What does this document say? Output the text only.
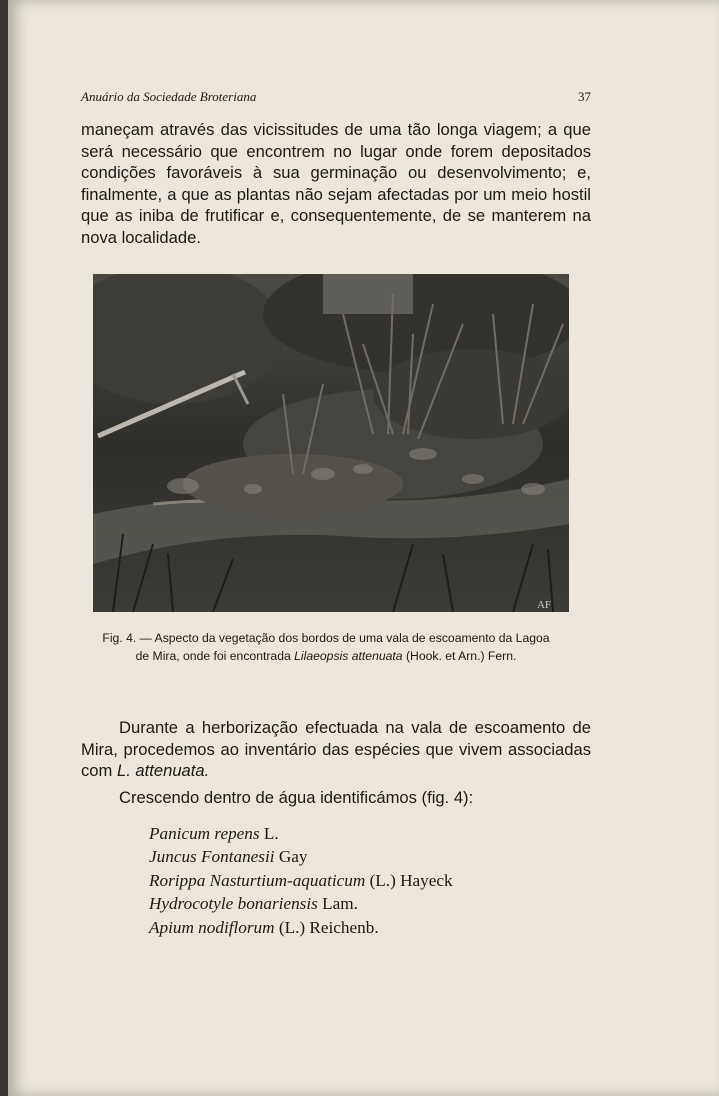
Anuário da Sociedade Broteriana	37

maneçam através das vicissitudes de uma tão longa viagem; a que será necessário que encontrem no lugar onde forem depositados condições favoráveis à sua germinação ou desenvolvimento; e, finalmente, a que as plantas não sejam afectadas por um meio hostil que as iniba de frutificar e, consequentemente, de se manterem na nova localidade.

AF
Fig. 4. — Aspecto da vegetação dos bordos de uma vala de escoamento da Lagoa de Mira, onde foi encontrada Lilaeopsis attenuata (Hook. et Arn.) Fern.

Durante a herborização efectuada na vala de escoamento de Mira, procedemos ao inventário das espécies que vivem associadas com L. attenuata.

Crescendo dentro de água identificámos (fig. 4):

Panicum repens L.
Juncus Fontanesii Gay
Rorippa Nasturtium-aquaticum (L.) Hayeck
Hydrocotyle bonariensis Lam.
Apium nodiflorum (L.) Reichenb.
